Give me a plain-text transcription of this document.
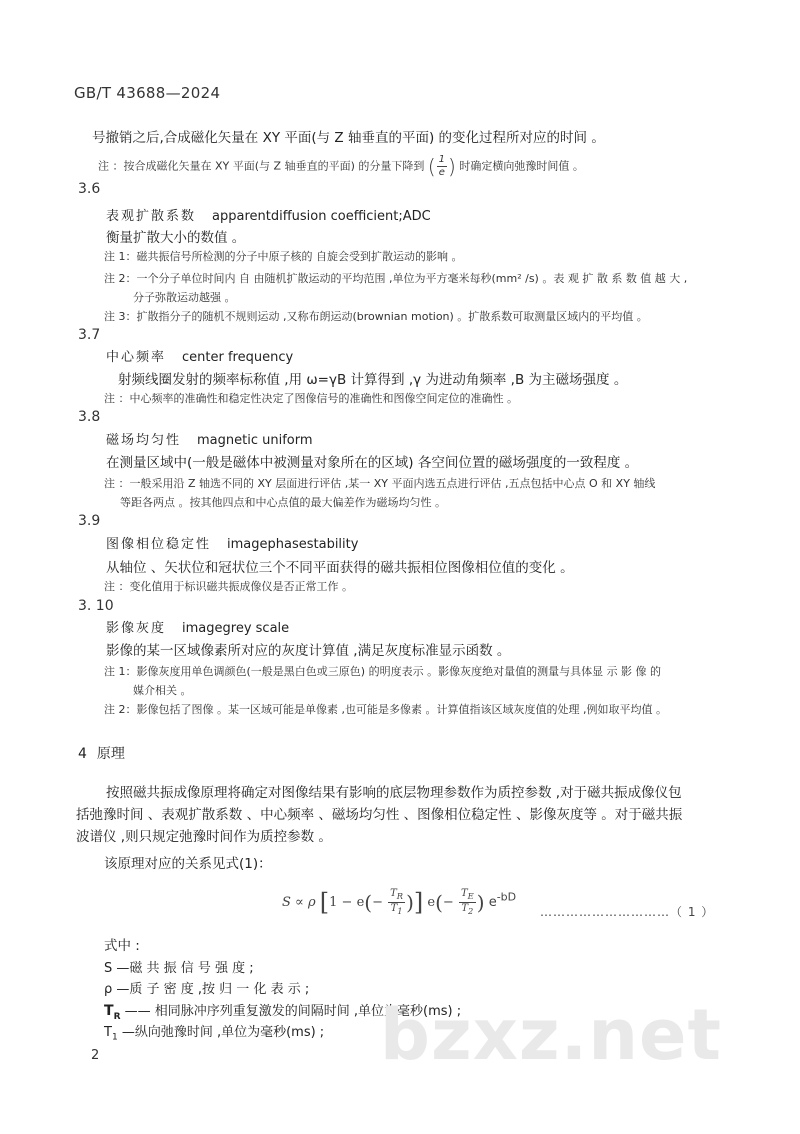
GB/T 43688—2024
号撤销之后,合成磁化矢量在 XY 平面(与 Z 轴垂直的平面) 的变化过程所对应的时间 。
注 ：按合成磁化矢量在 XY 平面(与 Z 轴垂直的平面) 的分量下降到 ( $\frac{1}{e}$ ) 时确定横向弛豫时间值 。
3.6
表观扩散系数 apparentdiffusion coefficient;ADC
衡量扩散大小的数值 。
注 1：磁共振信号所检测的分子中原子核的 自旋会受到扩散运动的影响 。
注 2：一个分子单位时间内 自 由随机扩散运动的平均范围 ,单位为平方毫米每秒(mm² /s) 。表 观 扩 散 系 数 值 越 大 ,
分子弥散运动越强 。
注 3：扩散指分子的随机不规则运动 ,又称布朗运动(brownian motion) 。扩散系数可取测量区域内的平均值 。
3.7
中心频率 center frequency
射频线圈发射的频率标称值 ,用 ω=γB 计算得到 ,γ 为进动角频率 ,B 为主磁场强度 。
注 ：中心频率的准确性和稳定性决定了图像信号的准确性和图像空间定位的准确性 。
3.8
磁场均匀性 magnetic uniform
在测量区域中(一般是磁体中被测量对象所在的区域) 各空间位置的磁场强度的一致程度 。
注 ：一般采用沿 Z 轴选不同的 XY 层面进行评估 ,某一 XY 平面内选五点进行评估 ,五点包括中心点 O 和 XY 轴线
等距各两点 。按其他四点和中心点值的最大偏差作为磁场均匀性 。
3.9
图像相位稳定性 imagephasestability
从轴位 、矢状位和冠状位三个不同平面获得的磁共振相位图像相位值的变化 。
注 ：变化值用于标识磁共振成像仪是否正常工作 。
3. 10
影像灰度 imagegrey scale
影像的某一区域像素所对应的灰度计算值 ,满足灰度标准显示函数 。
注 1：影像灰度用单色调颜色(一般是黑白色或三原色) 的明度表示 。影像灰度绝对量值的测量与具体显 示 影 像 的
媒介相关 。
注 2：影像包括了图像 。某一区域可能是单像素 ,也可能是多像素 。计算值指该区域灰度值的处理 ,例如取平均值 。
4 原理
按照磁共振成像原理将确定对图像结果有影响的底层物理参数作为质控参数 ,对于磁共振成像仪包括弛豫时间 、表观扩散系数 、中心频率 、磁场均匀性 、图像相位稳定性 、影像灰度等 。对于磁共振波谱仪 ,则只规定弛豫时间作为质控参数 。
该原理对应的关系见式(1)：
S ∝ ρ [$1 - e(- \frac{T_R}{T_1}$ )] $e(- \frac{T_E}{T_2}$ ) $e^{-bD}$
…………………………（ 1 ）
式中 :
S —磁 共 振 信 号 强 度 ;
ρ —质 子 密 度 ,按 归 一 化 表 示 ;
$T_R$ —— 相同脉冲序列重复激发的间隔时间 ,单位为毫秒(ms) ;
$T_1$ —纵向弛豫时间 ,单位为毫秒(ms) ; bzxz.net
2
